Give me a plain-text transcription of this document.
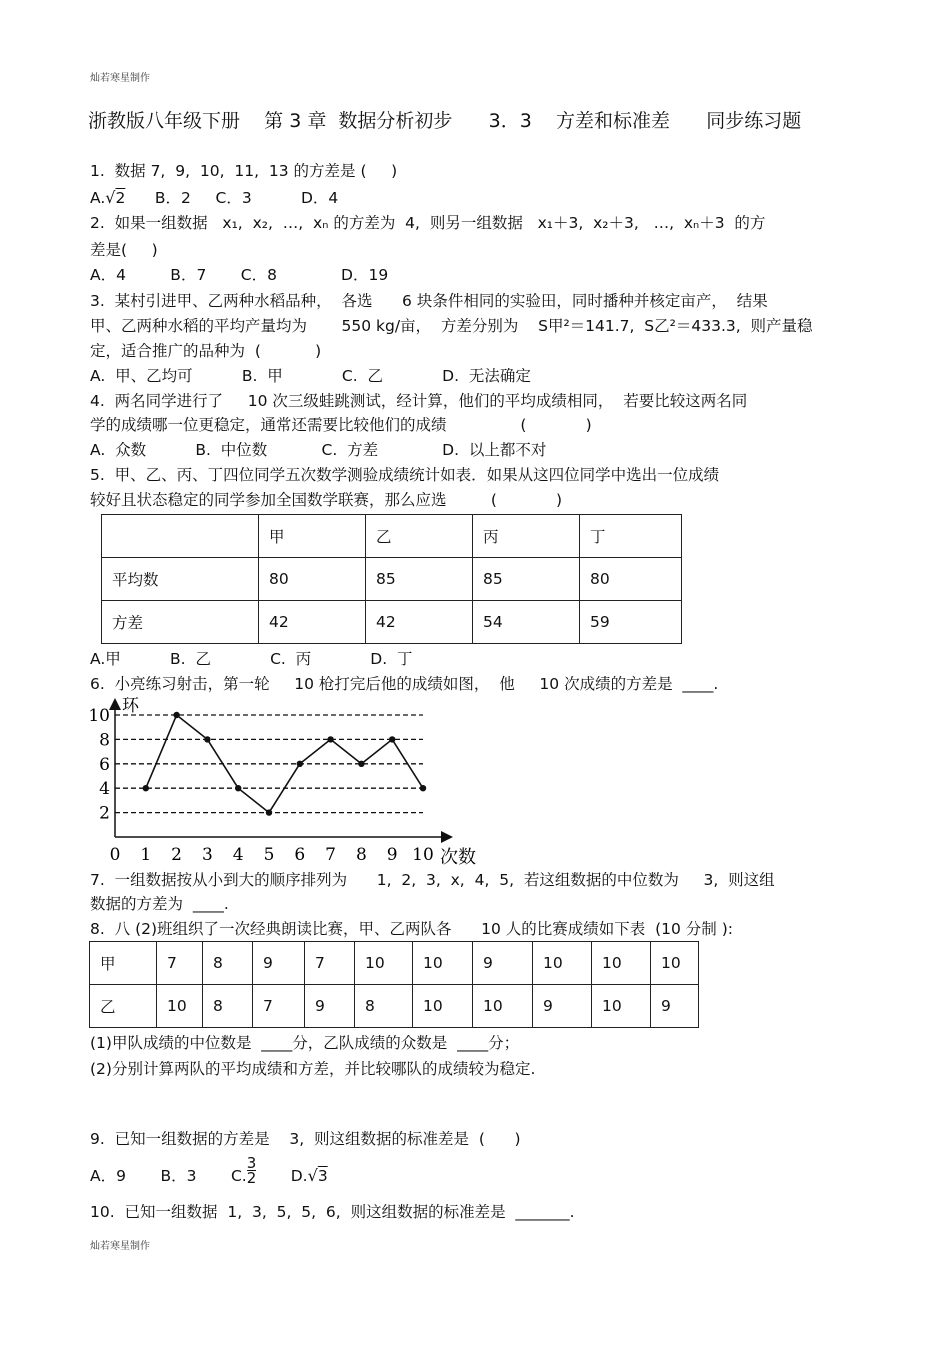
灿若寒星制作
浙教版八年级下册    第 3 章  数据分析初步      3．3    方差和标准差      同步练习题
1.  数据 7,  9,  10,  11,  13 的方差是 (     )
A.√2      B．2     C．3          D．4
2.  如果一组数据   x₁,  x₂,  …,  xₙ 的方差为  4,  则另一组数据   x₁＋3,  x₂＋3,   …,  xₙ＋3  的方
差是(     )
A．4         B．7       C．8             D．19
3.  某村引进甲、乙两种水稻品种，  各选      6 块条件相同的实验田，同时播种并核定亩产，  结果
甲、乙两种水稻的平均产量均为       550 kg/亩，  方差分别为    S甲²＝141.7,  S乙²＝433.3,  则产量稳
定，适合推广的品种为  (           )
A.  甲、乙均可          B.  甲            C.  乙            D.  无法确定
4.  两名同学进行了     10 次三级蛙跳测试，经计算，他们的平均成绩相同，  若要比较这两名同
学的成绩哪一位更稳定，通常还需要比较他们的成绩               (            )
A.  众数          B.  中位数           C.  方差             D.  以上都不对
5.  甲、乙、丙、丁四位同学五次数学测验成绩统计如表．如果从这四位同学中选出一位成绩
较好且状态稳定的同学参加全国数学联赛，那么应选         (            )
	甲	乙	丙	丁
平均数	80	85	85	80
方差	42	42	54	59
A.甲          B.  乙            C.  丙            D.  丁
6.  小亮练习射击，第一轮     10 枪打完后他的成绩如图，  他     10 次成绩的方差是  ____.
2
4
6
8
10
0 1 2 3 4 5 6 7 8 9 10
环
次数
7.  一组数据按从小到大的顺序排列为      1,  2,  3,  x,  4,  5,  若这组数据的中位数为     3,  则这组
数据的方差为  ____.
8.  八 (2)班组织了一次经典朗读比赛，甲、乙两队各      10 人的比赛成绩如下表  (10 分制 ):
甲	7	8	9	7	10	10	9	10	10	10
乙	10	8	7	9	8	10	10	9	10	9
(1)甲队成绩的中位数是  ____分，乙队成绩的众数是  ____分；
(2)分别计算两队的平均成绩和方差，并比较哪队的成绩较为稳定.
9.  已知一组数据的方差是    3,  则这组数据的标准差是  (      )
A．9       B．3       C. $\frac{3}{2} D.√3$
10.  已知一组数据  1,  3,  5,  5,  6,  则这组数据的标准差是  _______.
灿若寒星制作
